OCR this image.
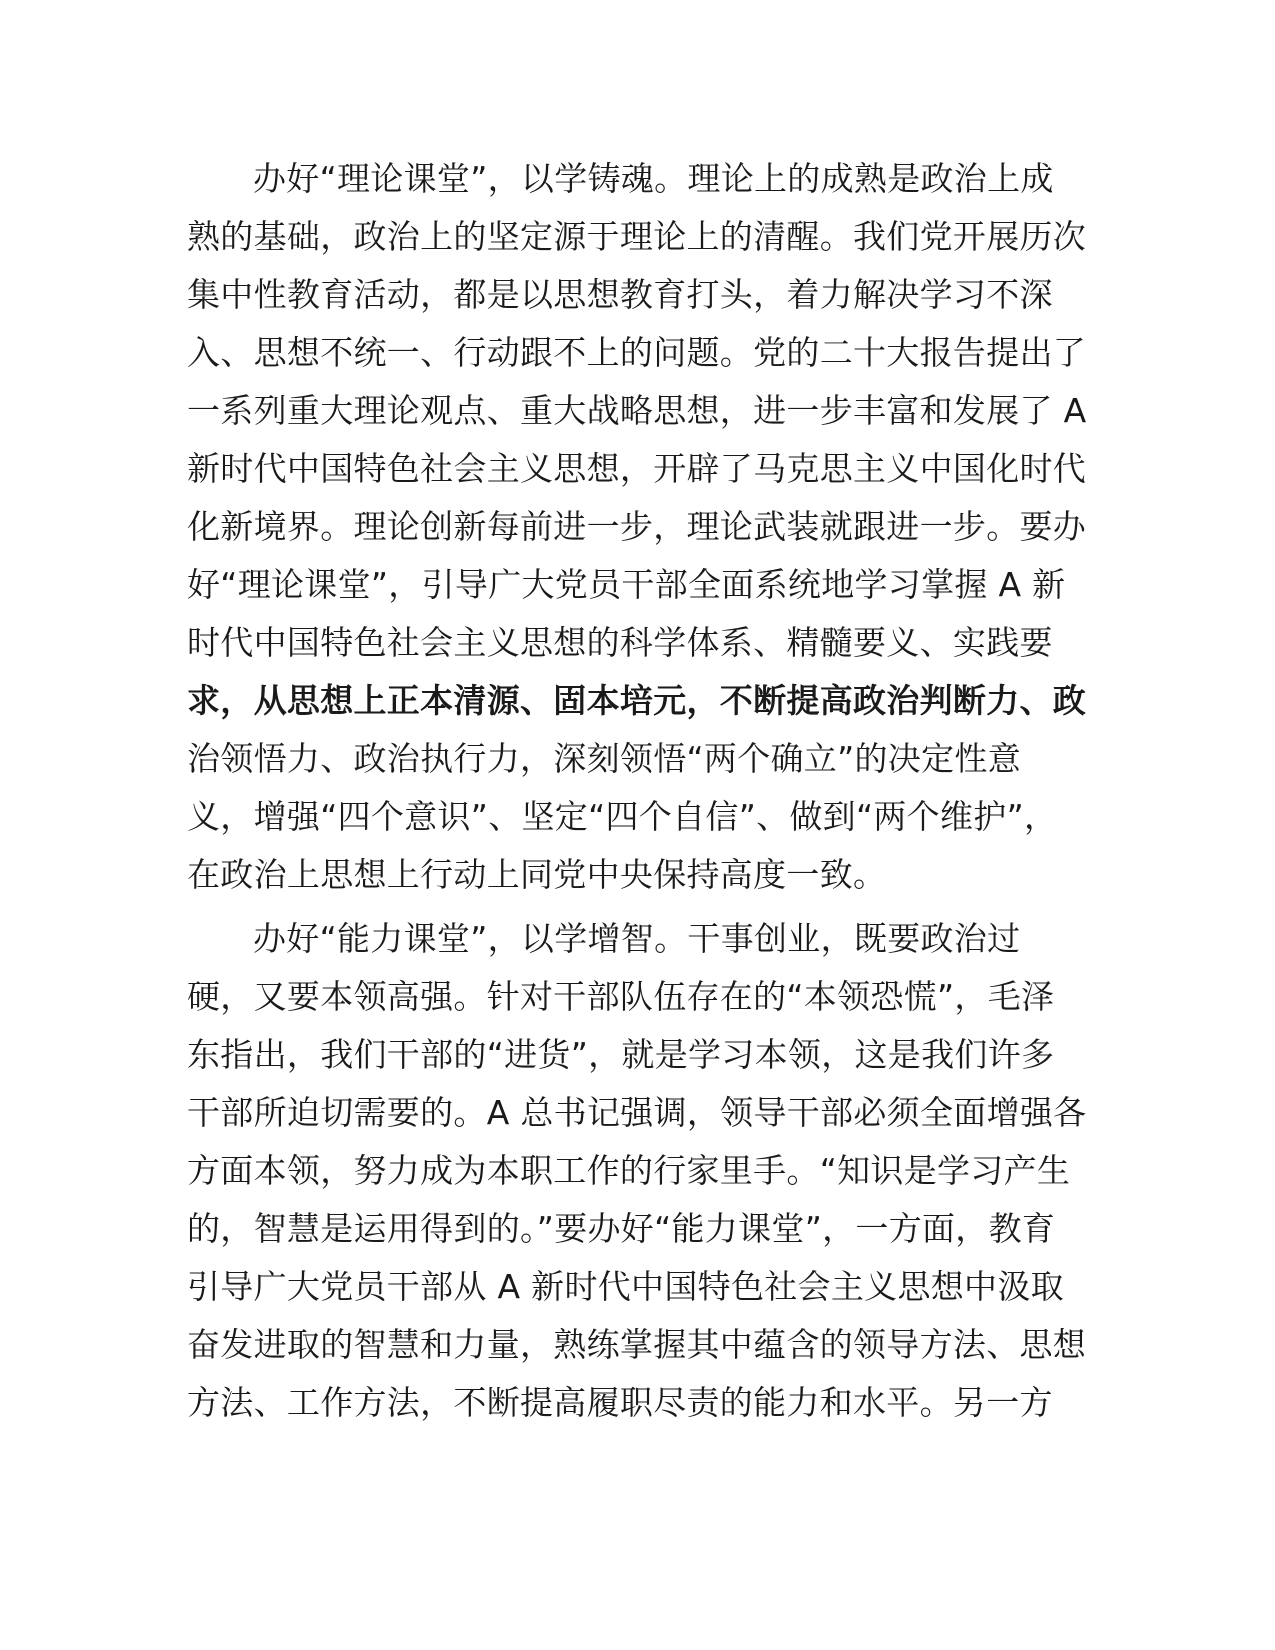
办好“理论课堂”，以学铸魂。理论上的成熟是政治上成
熟的基础，政治上的坚定源于理论上的清醒。我们党开展历次
集中性教育活动，都是以思想教育打头，着力解决学习不深
入、思想不统一、行动跟不上的问题。党的二十大报告提出了
一系列重大理论观点、重大战略思想，进一步丰富和发展了 A
新时代中国特色社会主义思想，开辟了马克思主义中国化时代
化新境界。理论创新每前进一步，理论武装就跟进一步。要办
好“理论课堂”，引导广大党员干部全面系统地学习掌握 A 新
时代中国特色社会主义思想的科学体系、精髓要义、实践要
求，从思想上正本清源、固本培元，不断提高政治判断力、政
治领悟力、政治执行力，深刻领悟“两个确立”的决定性意
义，增强“四个意识”、坚定“四个自信”、做到“两个维护”，
在政治上思想上行动上同党中央保持高度一致。
办好“能力课堂”，以学增智。干事创业，既要政治过
硬，又要本领高强。针对干部队伍存在的“本领恐慌”，毛泽
东指出，我们干部的“进货”，就是学习本领，这是我们许多
干部所迫切需要的。A 总书记强调，领导干部必须全面增强各
方面本领，努力成为本职工作的行家里手。“知识是学习产生
的，智慧是运用得到的。”要办好“能力课堂”，一方面，教育
引导广大党员干部从 A 新时代中国特色社会主义思想中汲取
奋发进取的智慧和力量，熟练掌握其中蕴含的领导方法、思想
方法、工作方法，不断提高履职尽责的能力和水平。另一方
